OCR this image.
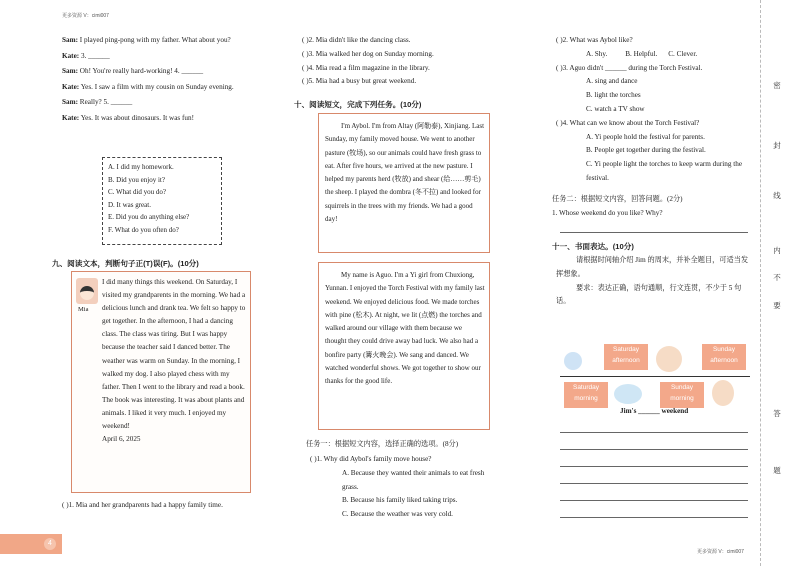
更多资源 V：cimi007
更多资源 V：cimi007

Sam: I played ping-pong with my father. What about you?

Kate: 3. ______

Sam: Oh! You're really hard-working! 4. ______

Kate: Yes. I saw a film with my cousin on Sunday evening.

Sam: Really? 5. ______

Kate: Yes. It was about dinosaurs. It was fun!

A. I did my homework.
B. Did you enjoy it?
C. What did you do?
D. It was great.
E. Did you do anything else?
F. What do you often do?
九、阅读文本，判断句子正(T)误(F)。(10分)
Mia
I did many things this weekend. On Saturday, I visited my grandparents in the morning. We had a delicious lunch and drank tea. We felt so happy to get together. In the afternoon, I had a dancing class. The class was tiring. But I was happy because the teacher said I danced better. The weather was warm on Sunday. In the morning, I walked my dog. I also played chess with my father. Then I went to the library and read a book. The book was interesting. It was about plants and animals. I liked it very much. I enjoyed my weekend!
April 6, 2025
( )1. Mia and her grandparents had a happy family time.
4
( )2. Mia didn't like the dancing class.
( )3. Mia walked her dog on Sunday morning.
( )4. Mia read a film magazine in the library.
( )5. Mia had a busy but great weekend.
十、阅读短文，完成下列任务。(10分)
I'm Aybol. I'm from Altay (阿勒泰), Xinjiang. Last Sunday, my family moved house. We went to another pasture (牧场), so our animals could have fresh grass to eat. After five hours, we arrived at the new pasture. I helped my parents herd (牧放) and shear (给……剪毛) the sheep. I played the dombra (冬不拉) and looked for squirrels in the trees with my friends. We had a good day!
My name is Aguo. I'm a Yi girl from Chuxiong, Yunnan. I enjoyed the Torch Festival with my family last weekend. We enjoyed delicious food. We made torches with pine (松木). At night, we lit (点燃) the torches and walked around our village with them because we thought they could drive away bad luck. We also had a bonfire party (篝火晚会). We sang and danced. We watched wonderful shows. We got together to show our thanks for the good life.
任务一：根据短文内容，选择正确的选项。(8分)
( )1. Why did Aybol's family move house?
A. Because they wanted their animals to eat fresh grass.
B. Because his family liked taking trips.
C. Because the weather was very cold.
( )2. What was Aybol like?
A. Shy.          B. Helpful.      C. Clever.
( )3. Aguo didn't ______ during the Torch Festival.
A. sing and dance
B. light the torches
C. watch a TV show
( )4. What can we know about the Torch Festival?
A. Yi people hold the festival for parents.
B. People get together during the festival.
C. Yi people light the torches to keep warm during the festival.
任务二：根据短文内容，回答问题。(2分)
1. Whose weekend do you like? Why?
十一、书面表达。(10分)
请根据时间轴介绍 Jim 的周末，并补全题目，可适当发挥想象。
要求：表达正确，语句通顺，行文连贯，不少于 5 句话。
Saturday afternoon
Sunday afternoon
Saturday morning
Sunday morning
Jim's ______ weekend
密
封
线
内
不
要
答
题
